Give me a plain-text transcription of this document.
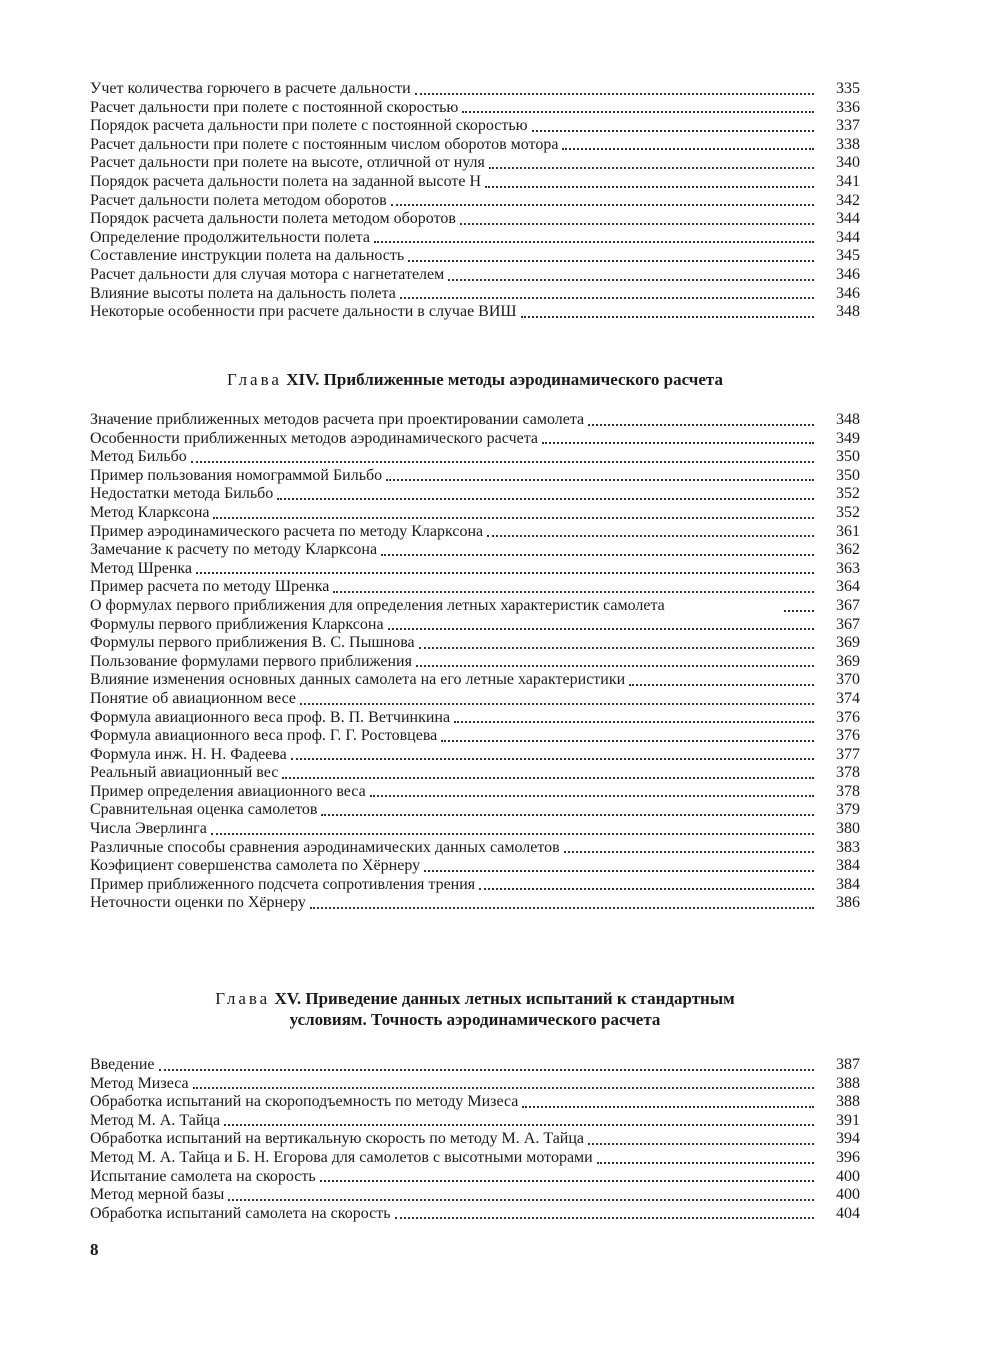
Учет количества горючего в расчете дальности	335
Расчет дальности при полете с постоянной скоростью	336
Порядок расчета дальности при полете с постоянной скоростью	337
Расчет дальности при полете с постоянным числом оборотов мотора	338
Расчет дальности при полете на высоте, отличной от нуля	340
Порядок расчета дальности полета на заданной высоте H	341
Расчет дальности полета методом оборотов	342
Порядок расчета дальности полета методом оборотов	344
Определение продолжительности полета	344
Составление инструкции полета на дальность	345
Расчет дальности для случая мотора с нагнетателем	346
Влияние высоты полета на дальность полета	346
Некоторые особенности при расчете дальности в случае ВИШ	348
Глава XIV. Приближенные методы аэродинамического расчета
Значение приближенных методов расчета при проектировании самолета	348
Особенности приближенных методов аэродинамического расчета	349
Метод Бильбо	350
Пример пользования номограммой Бильбо	350
Недостатки метода Бильбо	352
Метод Кларксона	352
Пример аэродинамического расчета по методу Кларксона	361
Замечание к расчету по методу Кларксона	362
Метод Шренка	363
Пример расчета по методу Шренка	364
О формулах первого приближения для определения летных характеристик самолета	367
Формулы первого приближения Кларксона	367
Формулы первого приближения В. С. Пышнова	369
Пользование формулами первого приближения	369
Влияние изменения основных данных самолета на его летные характеристики	370
Понятие об авиационном весе	374
Формула авиационного веса проф. В. П. Ветчинкина	376
Формула авиационного веса проф. Г. Г. Ростовцева	376
Формула инж. Н. Н. Фадеева	377
Реальный авиационный вес	378
Пример определения авиационного веса	378
Сравнительная оценка самолетов	379
Числа Эверлинга	380
Различные способы сравнения аэродинамических данных самолетов	383
Коэфициент совершенства самолета по Хёрнеру	384
Пример приближенного подсчета сопротивления трения	384
Неточности оценки по Хёрнеру	386
Глава XV. Приведение данных летных испытаний к стандартным
условиям. Точность аэродинамического расчета
Введение	387
Метод Мизеса	388
Обработка испытаний на скороподъемность по методу Мизеса	388
Метод М. А. Тайца	391
Обработка испытаний на вертикальную скорость по методу М. А. Тайца	394
Метод М. А. Тайца и Б. Н. Егорова для самолетов с высотными моторами	396
Испытание самолета на скорость	400
Метод мерной базы	400
Обработка испытаний самолета на скорость	404
8
